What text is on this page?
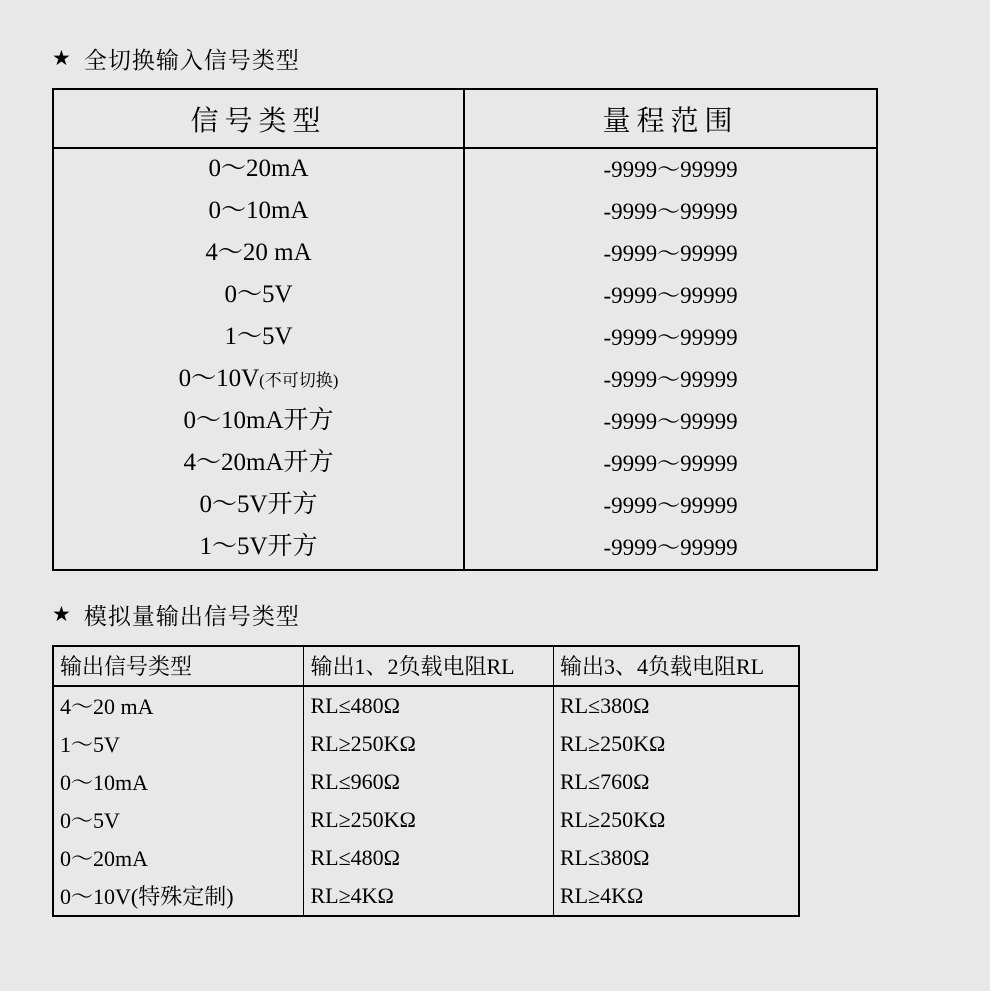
★ 全切换输入信号类型
信号类型	量程范围
0～20mA	-9999～99999
0～10mA	-9999～99999
4～20 mA	-9999～99999
0～5V	-9999～99999
1～5V	-9999～99999
0～10V(不可切换)	-9999～99999
0～10mA开方	-9999～99999
4～20mA开方	-9999～99999
0～5V开方	-9999～99999
1～5V开方	-9999～99999
★ 模拟量输出信号类型
输出信号类型	输出1、2负载电阻RL	输出3、4负载电阻RL
4～20 mA	RL≤480Ω	RL≤380Ω
1～5V	RL≥250KΩ	RL≥250KΩ
0～10mA	RL≤960Ω	RL≤760Ω
0～5V	RL≥250KΩ	RL≥250KΩ
0～20mA	RL≤480Ω	RL≤380Ω
0～10V(特殊定制)	RL≥4KΩ	RL≥4KΩ
